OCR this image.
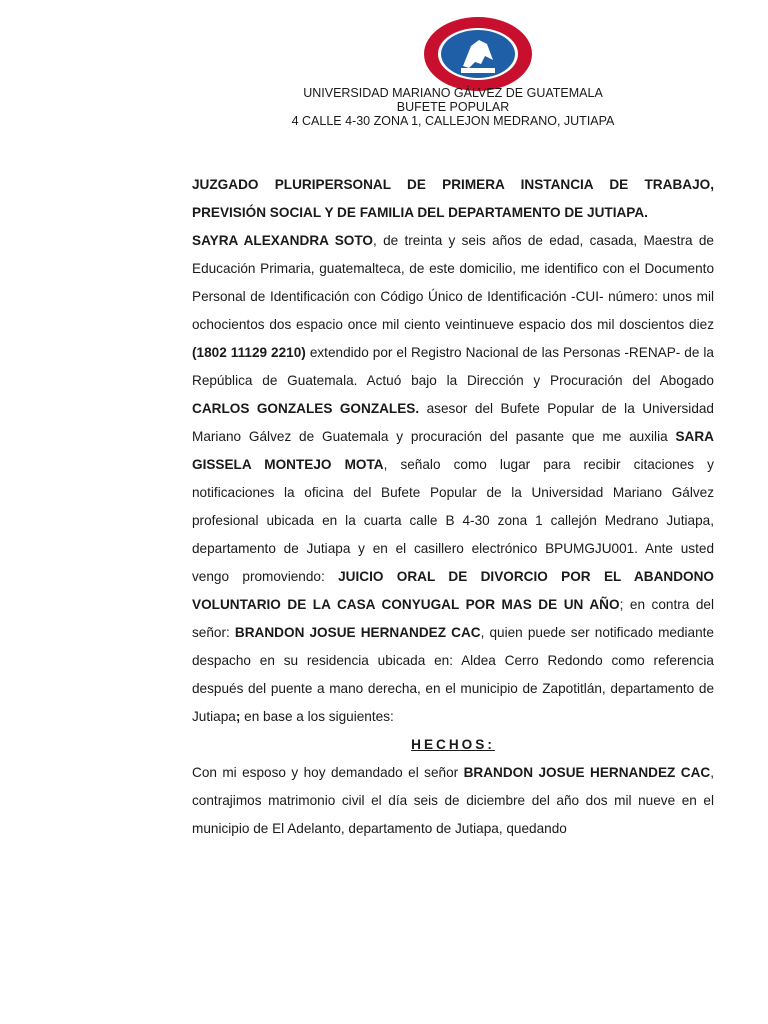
UNIVERSIDAD MARIANO GÁLVEZ DE GUATEMALA
BUFETE POPULAR
4 CALLE 4-30 ZONA 1, CALLEJON MEDRANO, JUTIAPA

JUZGADO PLURIPERSONAL DE PRIMERA INSTANCIA DE TRABAJO, PREVISIÓN SOCIAL Y DE FAMILIA DEL DEPARTAMENTO DE JUTIAPA.

SAYRA ALEXANDRA SOTO, de treinta y seis años de edad, casada, Maestra de Educación Primaria, guatemalteca, de este domicilio, me identifico con el Documento Personal de Identificación con Código Único de Identificación -CUI- número: unos mil ochocientos dos espacio once mil ciento veintinueve espacio dos mil doscientos diez (1802 11129 2210) extendido por el Registro Nacional de las Personas -RENAP- de la República de Guatemala. Actuó bajo la Dirección y Procuración del Abogado CARLOS GONZALES GONZALES. asesor del Bufete Popular de la Universidad Mariano Gálvez de Guatemala y procuración del pasante que me auxilia SARA GISSELA MONTEJO MOTA, señalo como lugar para recibir citaciones y notificaciones la oficina del Bufete Popular de la Universidad Mariano Gálvez profesional ubicada en la cuarta calle B 4-30 zona 1 callejón Medrano Jutiapa, departamento de Jutiapa y en el casillero electrónico BPUMGJU001. Ante usted vengo promoviendo: JUICIO ORAL DE DIVORCIO POR EL ABANDONO VOLUNTARIO DE LA CASA CONYUGAL POR MAS DE UN AÑO; en contra del señor: BRANDON JOSUE HERNANDEZ CAC, quien puede ser notificado mediante despacho en su residencia ubicada en: Aldea Cerro Redondo como referencia después del puente a mano derecha, en el municipio de Zapotitlán, departamento de Jutiapa; en base a los siguientes:

HECHOS:

Con mi esposo y hoy demandado el señor BRANDON JOSUE HERNANDEZ CAC, contrajimos matrimonio civil el día seis de diciembre del año dos mil nueve en el municipio de El Adelanto, departamento de Jutiapa, quedando
